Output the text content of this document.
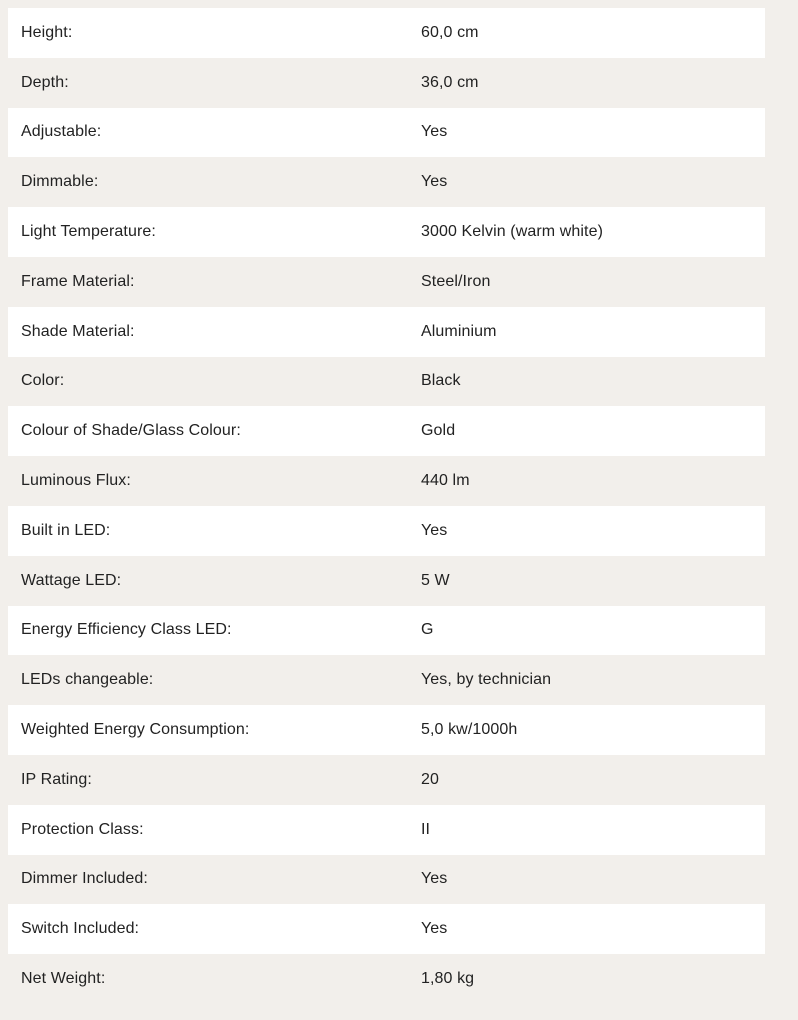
Height:	60,0 cm
Depth:	36,0 cm
Adjustable:	Yes
Dimmable:	Yes
Light Temperature:	3000 Kelvin (warm white)
Frame Material:	Steel/Iron
Shade Material:	Aluminium
Color:	Black
Colour of Shade/Glass Colour:	Gold
Luminous Flux:	440 lm
Built in LED:	Yes
Wattage LED:	5 W
Energy Efficiency Class LED:	G
LEDs changeable:	Yes, by technician
Weighted Energy Consumption:	5,0 kw/1000h
IP Rating:	20
Protection Class:	II
Dimmer Included:	Yes
Switch Included:	Yes
Net Weight:	1,80 kg
